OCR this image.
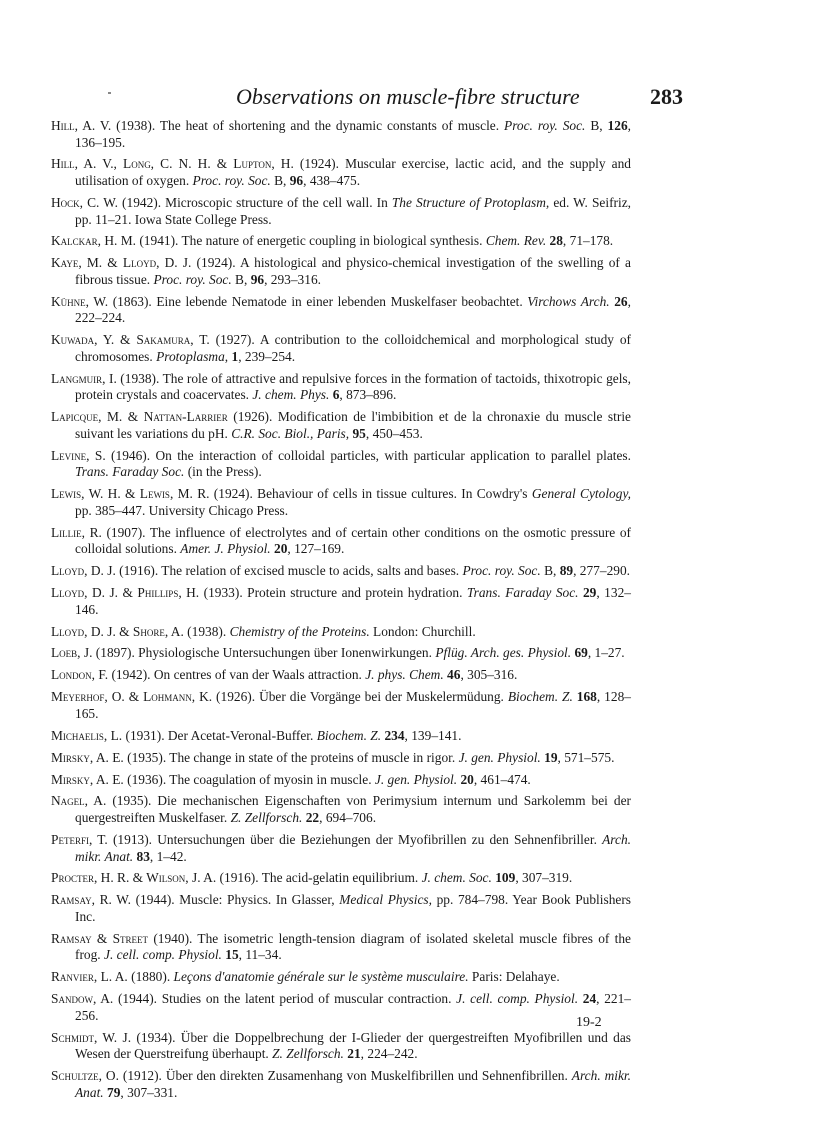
Observations on muscle-fibre structure	283

Hill, A. V. (1938). The heat of shortening and the dynamic constants of muscle. Proc. roy. Soc. B, 126, 136–195.

Hill, A. V., Long, C. N. H. & Lupton, H. (1924). Muscular exercise, lactic acid, and the supply and utilisation of oxygen. Proc. roy. Soc. B, 96, 438–475.

Hock, C. W. (1942). Microscopic structure of the cell wall. In The Structure of Protoplasm, ed. W. Seifriz, pp. 11–21. Iowa State College Press.

Kalckar, H. M. (1941). The nature of energetic coupling in biological synthesis. Chem. Rev. 28, 71–178.

Kaye, M. & Lloyd, D. J. (1924). A histological and physico-chemical investigation of the swelling of a fibrous tissue. Proc. roy. Soc. B, 96, 293–316.

Kühne, W. (1863). Eine lebende Nematode in einer lebenden Muskelfaser beobachtet. Virchows Arch. 26, 222–224.

Kuwada, Y. & Sakamura, T. (1927). A contribution to the colloidchemical and morphological study of chromosomes. Protoplasma, 1, 239–254.

Langmuir, I. (1938). The role of attractive and repulsive forces in the formation of tactoids, thixotropic gels, protein crystals and coacervates. J. chem. Phys. 6, 873–896.

Lapicque, M. & Nattan-Larrier (1926). Modification de l'imbibition et de la chronaxie du muscle strie suivant les variations du pH. C.R. Soc. Biol., Paris, 95, 450–453.

Levine, S. (1946). On the interaction of colloidal particles, with particular application to parallel plates. Trans. Faraday Soc. (in the Press).

Lewis, W. H. & Lewis, M. R. (1924). Behaviour of cells in tissue cultures. In Cowdry's General Cytology, pp. 385–447. University Chicago Press.

Lillie, R. (1907). The influence of electrolytes and of certain other conditions on the osmotic pressure of colloidal solutions. Amer. J. Physiol. 20, 127–169.

Lloyd, D. J. (1916). The relation of excised muscle to acids, salts and bases. Proc. roy. Soc. B, 89, 277–290.

Lloyd, D. J. & Phillips, H. (1933). Protein structure and protein hydration. Trans. Faraday Soc. 29, 132–146.

Lloyd, D. J. & Shore, A. (1938). Chemistry of the Proteins. London: Churchill.

Loeb, J. (1897). Physiologische Untersuchungen über Ionenwirkungen. Pflüg. Arch. ges. Physiol. 69, 1–27.

London, F. (1942). On centres of van der Waals attraction. J. phys. Chem. 46, 305–316.

Meyerhof, O. & Lohmann, K. (1926). Über die Vorgänge bei der Muskelermüdung. Biochem. Z. 168, 128–165.

Michaelis, L. (1931). Der Acetat-Veronal-Buffer. Biochem. Z. 234, 139–141.

Mirsky, A. E. (1935). The change in state of the proteins of muscle in rigor. J. gen. Physiol. 19, 571–575.

Mirsky, A. E. (1936). The coagulation of myosin in muscle. J. gen. Physiol. 20, 461–474.

Nagel, A. (1935). Die mechanischen Eigenschaften von Perimysium internum und Sarkolemm bei der quergestreiften Muskelfaser. Z. Zellforsch. 22, 694–706.

Peterfi, T. (1913). Untersuchungen über die Beziehungen der Myofibrillen zu den Sehnenfibriller. Arch. mikr. Anat. 83, 1–42.

Procter, H. R. & Wilson, J. A. (1916). The acid-gelatin equilibrium. J. chem. Soc. 109, 307–319.

Ramsay, R. W. (1944). Muscle: Physics. In Glasser, Medical Physics, pp. 784–798. Year Book Publishers Inc.

Ramsay & Street (1940). The isometric length-tension diagram of isolated skeletal muscle fibres of the frog. J. cell. comp. Physiol. 15, 11–34.

Ranvier, L. A. (1880). Leçons d'anatomie générale sur le système musculaire. Paris: Delahaye.

Sandow, A. (1944). Studies on the latent period of muscular contraction. J. cell. comp. Physiol. 24, 221–256.

Schmidt, W. J. (1934). Über die Doppelbrechung der I-Glieder der quergestreiften Myofibrillen und das Wesen der Querstreifung überhaupt. Z. Zellforsch. 21, 224–242.

Schultze, O. (1912). Über den direkten Zusamenhang von Muskelfibrillen und Sehnenfibrillen. Arch. mikr. Anat. 79, 307–331.

19-2
